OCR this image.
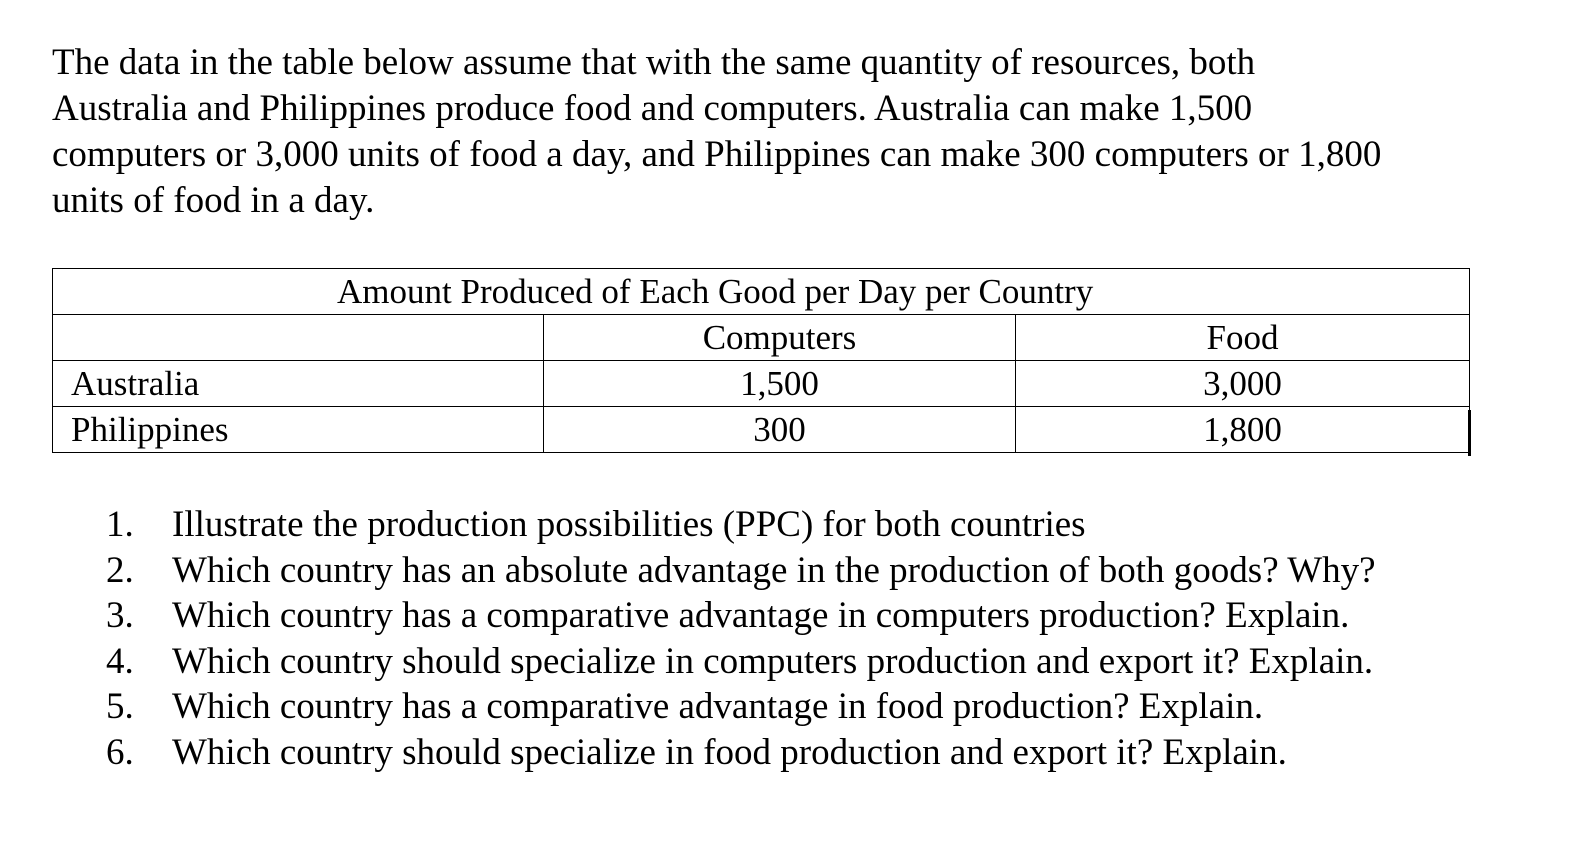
The data in the table below assume that with the same quantity of resources, both
Australia and Philippines produce food and computers. Australia can make 1,500
computers or 3,000 units of food a day, and Philippines can make 300 computers or 1,800
units of food in a day.

Amount Produced of Each Good per Day per Country		
	Computers	Food
Australia	1,500	3,000
Philippines	300	1,800
1.	Illustrate the production possibilities (PPC) for both countries
2.	Which country has an absolute advantage in the production of both goods? Why?
3.	Which country has a comparative advantage in computers production? Explain.
4.	Which country should specialize in computers production and export it? Explain.
5.	Which country has a comparative advantage in food production? Explain.
6.	Which country should specialize in food production and export it? Explain.
